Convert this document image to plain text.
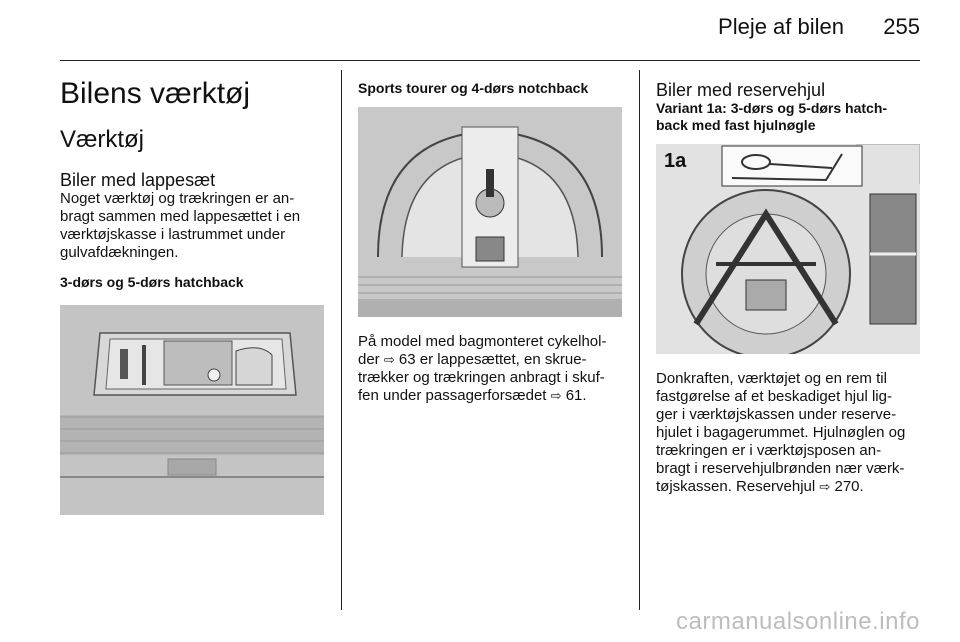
Pleje af bilen 255
Bilens værktøj
Værktøj
Biler med lappesæt

Noget værktøj og trækringen er an-
bragt sammen med lappesættet i en
værktøjskasse i lastrummet under
gulvafdækningen.

3-dørs og 5-dørs hatchback

Sports tourer og 4-dørs notchback

På model med bagmonteret cykelhol-
der ⇨ 63 er lappesættet, en skrue-
trækker og trækringen anbragt i skuf-
fen under passagerforsædet ⇨ 61.

Biler med reservehjul

Variant 1a: 3-dørs og 5-dørs hatch-
back med fast hjulnøgle

1a

Donkraften, værktøjet og en rem til
fastgørelse af et beskadiget hjul lig-
ger i værktøjskassen under reserve-
hjulet i bagagerummet. Hjulnøglen og
trækringen er i værktøjsposen an-
bragt i reservehjulbrønden nær værk-
tøjskassen. Reservehjul ⇨ 270.

carmanualsonline.info
